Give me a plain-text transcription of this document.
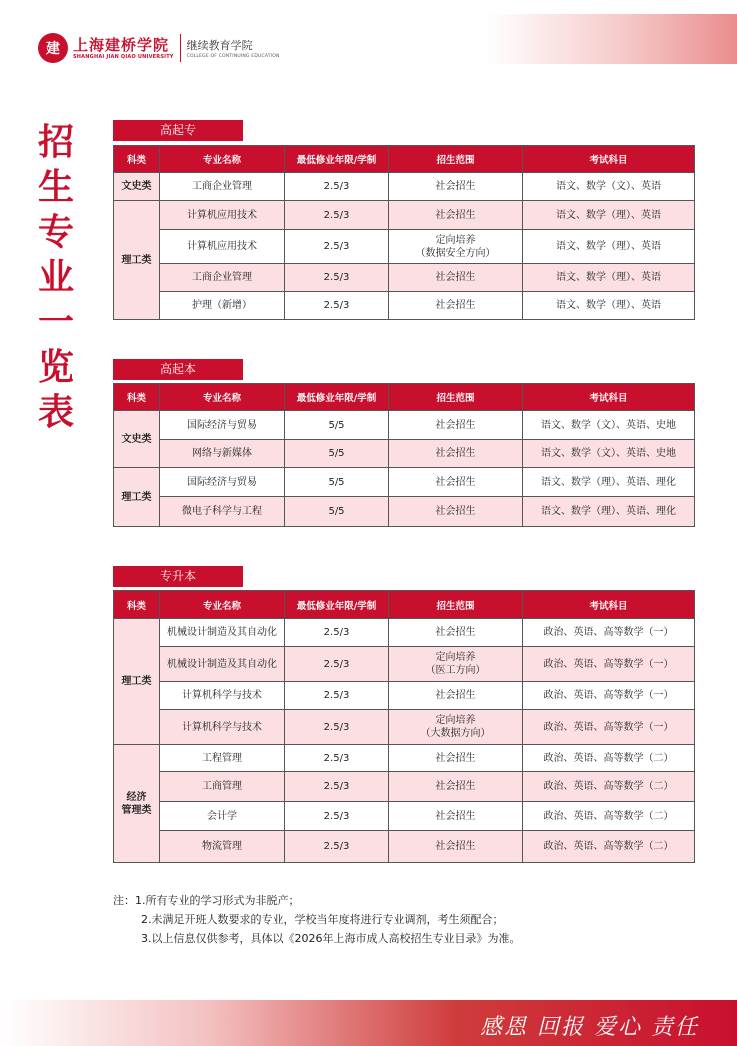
建 上海建桥学院
SHANGHAI JIAN QIAO UNIVERSITY
继续教育学院
COLLEGE OF CONTINUING EDUCATION
招
生
专
业
一
览
表
高起专
科类	专业名称	最低修业年限/学制	招生范围	考试科目
文史类	工商企业管理	2.5/3	社会招生	语文、数学（文）、英语
理工类	计算机应用技术	2.5/3	社会招生	语文、数学（理）、英语
	计算机应用技术	2.5/3	定向培养
（数据安全方向）	语文、数学（理）、英语
	工商企业管理	2.5/3	社会招生	语文、数学（理）、英语
	护理（新增）	2.5/3	社会招生	语文、数学（理）、英语
高起本
科类	专业名称	最低修业年限/学制	招生范围	考试科目
文史类	国际经济与贸易	5/5	社会招生	语文、数学（文）、英语、史地
	网络与新媒体	5/5	社会招生	语文、数学（文）、英语、史地
理工类	国际经济与贸易	5/5	社会招生	语文、数学（理）、英语、理化
	微电子科学与工程	5/5	社会招生	语文、数学（理）、英语、理化
专升本
科类	专业名称	最低修业年限/学制	招生范围	考试科目
理工类	机械设计制造及其自动化	2.5/3	社会招生	政治、英语、高等数学（一）
	机械设计制造及其自动化	2.5/3	定向培养
（医工方向）	政治、英语、高等数学（一）
	计算机科学与技术	2.5/3	社会招生	政治、英语、高等数学（一）
	计算机科学与技术	2.5/3	定向培养
（大数据方向）	政治、英语、高等数学（一）
经济
管理类	工程管理	2.5/3	社会招生	政治、英语、高等数学（二）
	工商管理	2.5/3	社会招生	政治、英语、高等数学（二）
	会计学	2.5/3	社会招生	政治、英语、高等数学（二）
	物流管理	2.5/3	社会招生	政治、英语、高等数学（二）
注：1.所有专业的学习形式为非脱产；
2.未满足开班人数要求的专业，学校当年度将进行专业调剂，考生须配合；
3.以上信息仅供参考，具体以《2026年上海市成人高校招生专业目录》为准。
感恩 回报 爱心 责任
